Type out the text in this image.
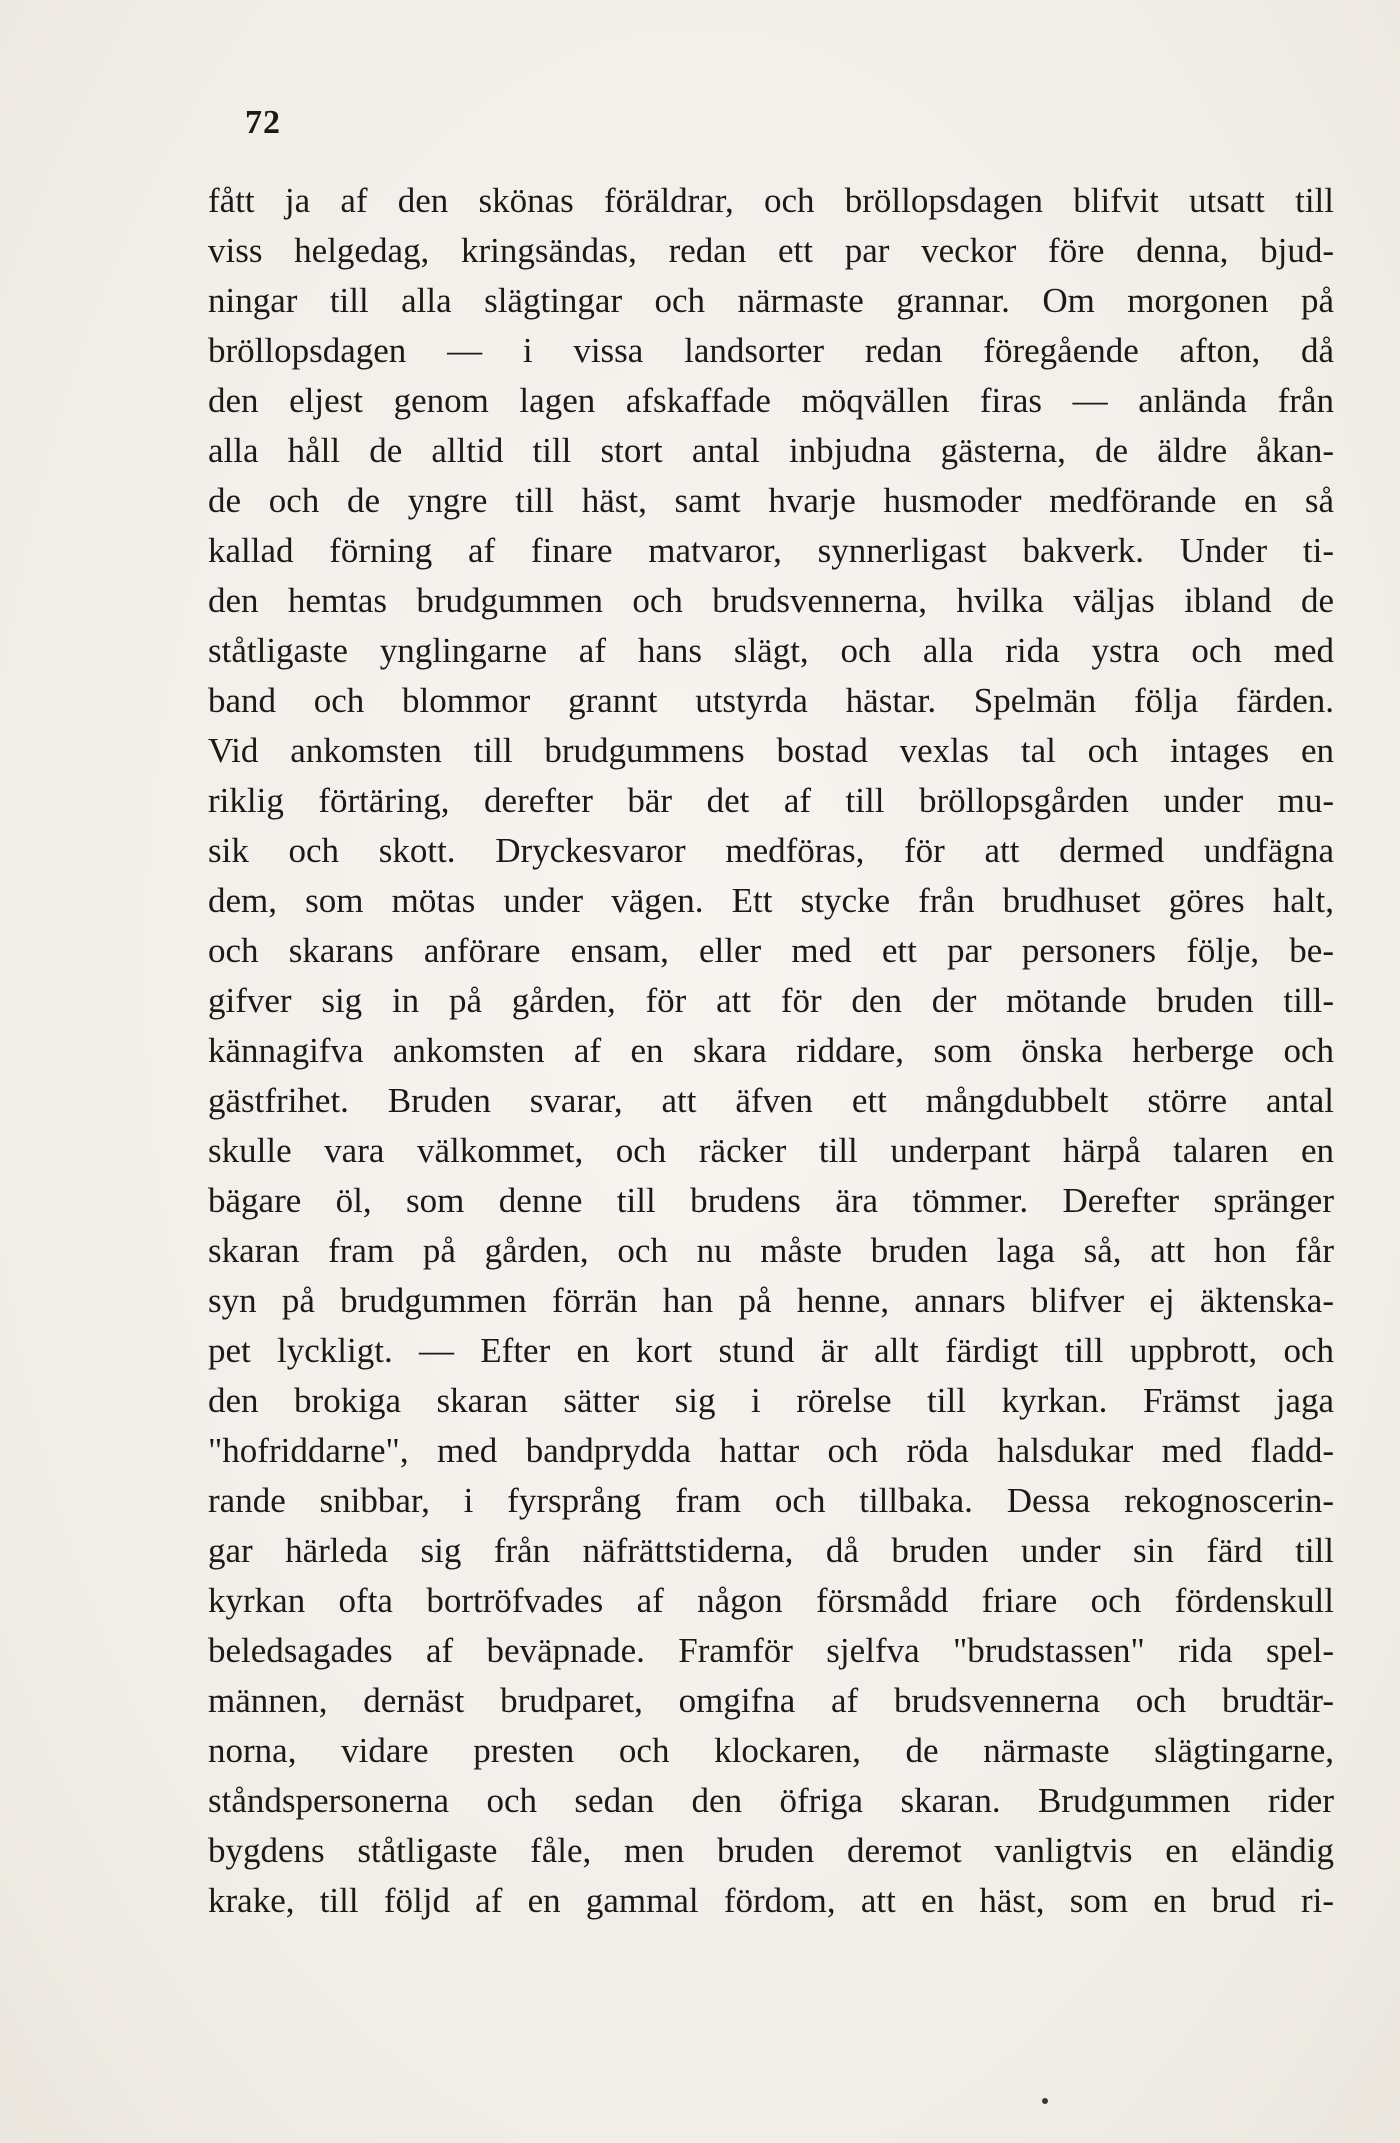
72
fått ja af den skönas föräldrar, och bröllopsdagen blifvit utsatt till
viss helgedag, kringsändas, redan ett par veckor före denna, bjud-
ningar till alla slägtingar och närmaste grannar. Om morgonen på
bröllopsdagen — i vissa landsorter redan föregående afton, då
den eljest genom lagen afskaffade möqvällen firas — anlända från
alla håll de alltid till stort antal inbjudna gästerna, de äldre åkan-
de och de yngre till häst, samt hvarje husmoder medförande en så
kallad förning af finare matvaror, synnerligast bakverk. Under ti-
den hemtas brudgummen och brudsvennerna, hvilka väljas ibland de
ståtligaste ynglingarne af hans slägt, och alla rida ystra och med
band och blommor grannt utstyrda hästar. Spelmän följa färden.
Vid ankomsten till brudgummens bostad vexlas tal och intages en
riklig förtäring, derefter bär det af till bröllopsgården under mu-
sik och skott. Dryckesvaror medföras, för att dermed undfägna
dem, som mötas under vägen. Ett stycke från brudhuset göres halt,
och skarans anförare ensam, eller med ett par personers följe, be-
gifver sig in på gården, för att för den der mötande bruden till-
kännagifva ankomsten af en skara riddare, som önska herberge och
gästfrihet. Bruden svarar, att äfven ett mångdubbelt större antal
skulle vara välkommet, och räcker till underpant härpå talaren en
bägare öl, som denne till brudens ära tömmer. Derefter spränger
skaran fram på gården, och nu måste bruden laga så, att hon får
syn på brudgummen förrän han på henne, annars blifver ej äktenska-
pet lyckligt. — Efter en kort stund är allt färdigt till uppbrott, och
den brokiga skaran sätter sig i rörelse till kyrkan. Främst jaga
"hofriddarne", med bandprydda hattar och röda halsdukar med fladd-
rande snibbar, i fyrsprång fram och tillbaka. Dessa rekognoscerin-
gar härleda sig från näfrättstiderna, då bruden under sin färd till
kyrkan ofta bortröfvades af någon försmådd friare och fördenskull
beledsagades af beväpnade. Framför sjelfva "brudstassen" rida spel-
männen, dernäst brudparet, omgifna af brudsvennerna och brudtär-
norna, vidare presten och klockaren, de närmaste slägtingarne,
ståndspersonerna och sedan den öfriga skaran. Brudgummen rider
bygdens ståtligaste fåle, men bruden deremot vanligtvis en eländig
krake, till följd af en gammal fördom, att en häst, som en brud ri-
